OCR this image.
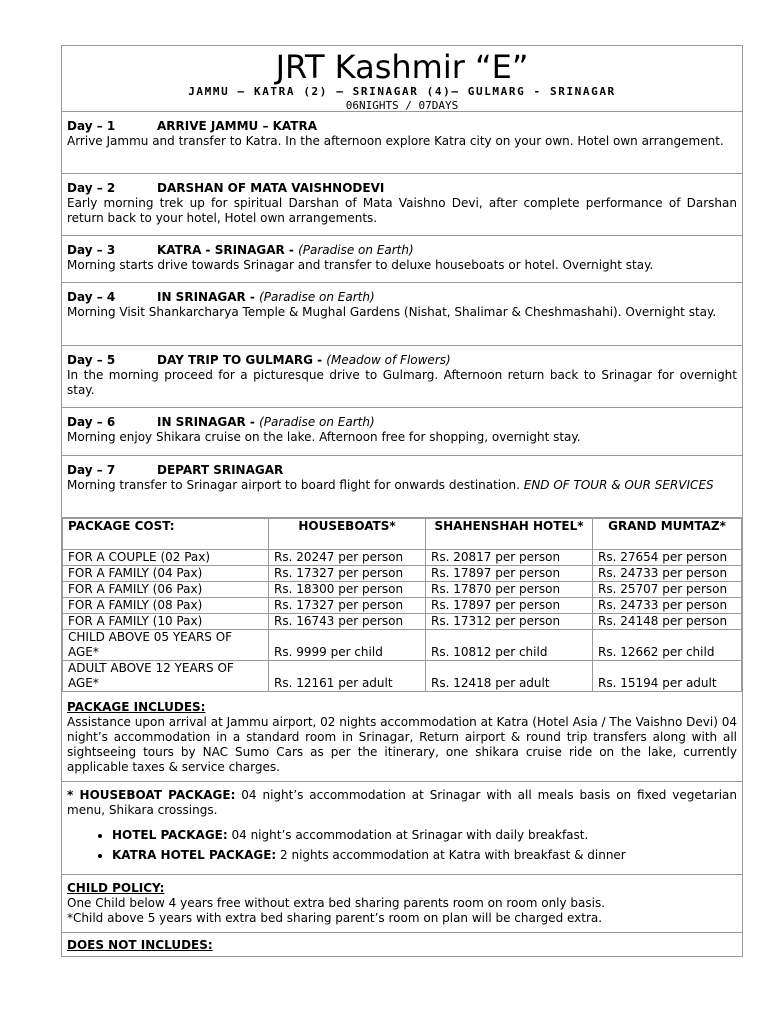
JRT Kashmir “E”
JAMMU – KATRA (2) – SRINAGAR (4)– GULMARG - SRINAGAR
06NIGHTS / 07DAYS
Day – 1	ARRIVE JAMMU – KATRA
Arrive Jammu and transfer to Katra. In the afternoon explore Katra city on your own. Hotel own arrangement.
Day – 2	DARSHAN OF MATA VAISHNODEVI
Early morning trek up for spiritual Darshan of Mata Vaishno Devi, after complete performance of Darshan return back to your hotel, Hotel own arrangements.
Day – 3	KATRA - SRINAGAR - (Paradise on Earth)
Morning starts drive towards Srinagar and transfer to deluxe houseboats or hotel. Overnight stay.
Day – 4	IN SRINAGAR - (Paradise on Earth)
Morning Visit Shankarcharya Temple & Mughal Gardens (Nishat, Shalimar & Cheshmashahi). Overnight stay.
Day – 5	DAY TRIP TO GULMARG - (Meadow of Flowers)
In the morning proceed for a picturesque drive to Gulmarg. Afternoon return back to Srinagar for overnight stay.
Day – 6	IN SRINAGAR - (Paradise on Earth)
Morning enjoy Shikara cruise on the lake. Afternoon free for shopping, overnight stay.
Day – 7	DEPART SRINAGAR
Morning transfer to Srinagar airport to board flight for onwards destination. END OF TOUR & OUR SERVICES
PACKAGE COST:	HOUSEBOATS*	SHAHENSHAH HOTEL*	GRAND MUMTAZ*
FOR A COUPLE (02 Pax)	Rs. 20247 per person	Rs. 20817 per person	Rs. 27654 per person
FOR A FAMILY (04 Pax)	Rs. 17327 per person	Rs. 17897 per person	Rs. 24733 per person
FOR A FAMILY (06 Pax)	Rs. 18300 per person	Rs. 17870 per person	Rs. 25707 per person
FOR A FAMILY (08 Pax)	Rs. 17327 per person	Rs. 17897 per person	Rs. 24733 per person
FOR A FAMILY (10 Pax)	Rs. 16743 per person	Rs. 17312 per person	Rs. 24148 per person
CHILD ABOVE 05 YEARS OF AGE*	Rs. 9999 per child	Rs. 10812 per child	Rs. 12662 per child
ADULT ABOVE 12 YEARS OF AGE*	Rs. 12161 per adult	Rs. 12418 per adult	Rs. 15194 per adult
PACKAGE INCLUDES:
Assistance upon arrival at Jammu airport, 02 nights accommodation at Katra (Hotel Asia / The Vaishno Devi) 04 night’s accommodation in a standard room in Srinagar, Return airport & round trip transfers along with all sightseeing tours by NAC Sumo Cars as per the itinerary, one shikara cruise ride on the lake, currently applicable taxes & service charges.
* HOUSEBOAT PACKAGE: 04 night’s accommodation at Srinagar with all meals basis on fixed vegetarian menu, Shikara crossings.
• HOTEL PACKAGE: 04 night’s accommodation at Srinagar with daily breakfast.
• KATRA HOTEL PACKAGE: 2 nights accommodation at Katra with breakfast & dinner
CHILD POLICY:
One Child below 4 years free without extra bed sharing parents room on room only basis.
*Child above 5 years with extra bed sharing parent’s room on plan will be charged extra.
DOES NOT INCLUDES:
